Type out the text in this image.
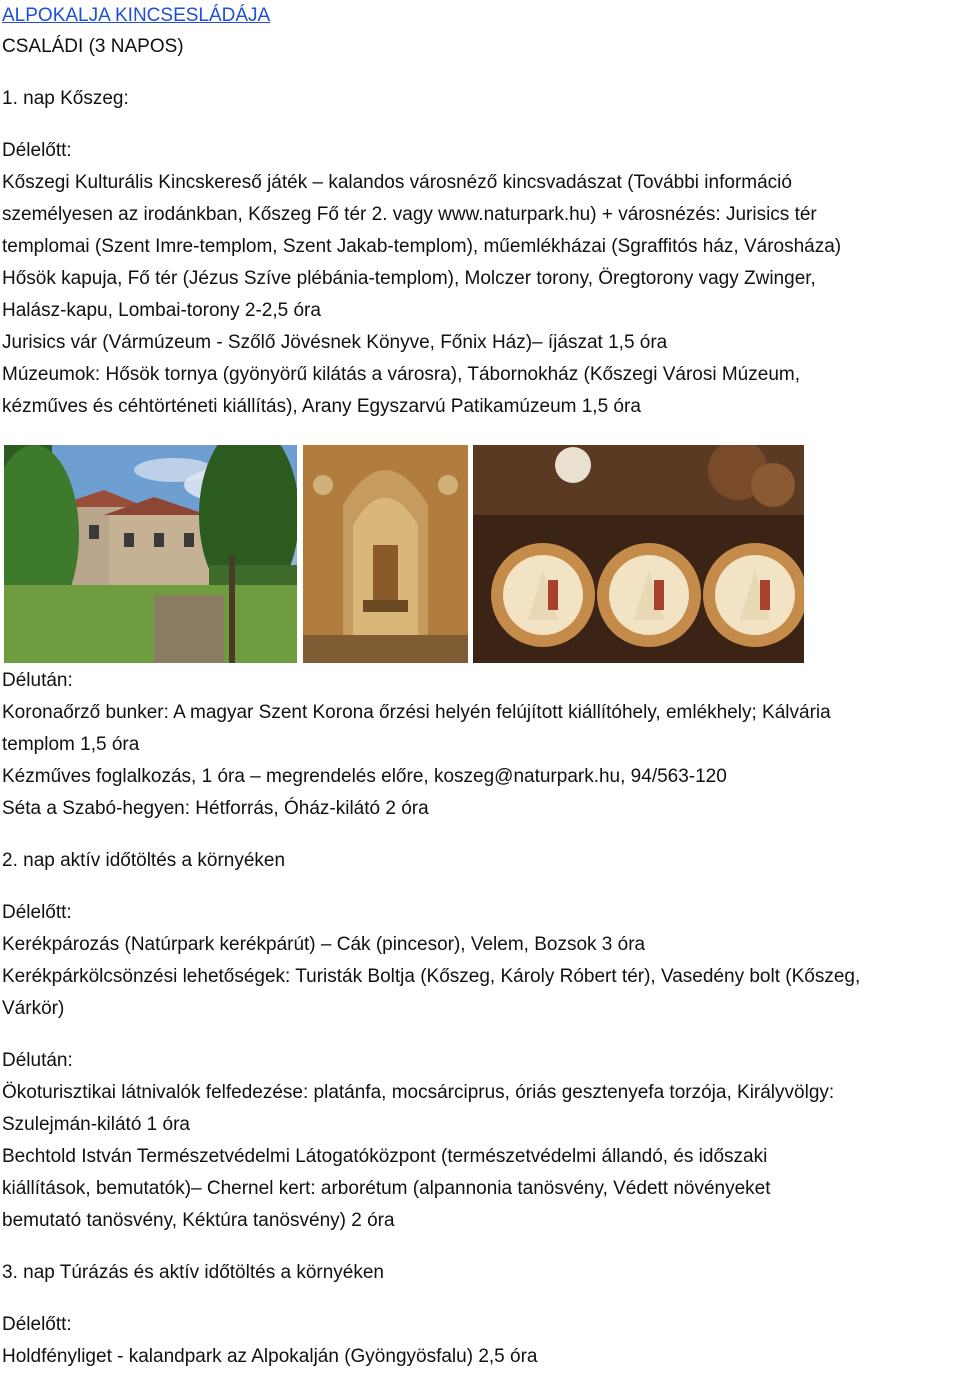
ALPOKALJA KINCSESLÁDÁJA
CSALÁDI (3 NAPOS)
1. nap Kőszeg:
Délelőtt:
Kőszegi Kulturális Kincskereső játék – kalandos városnéző kincsvadászat (További információ
személyesen az irodánkban, Kőszeg Fő tér 2. vagy www.naturpark.hu) + városnézés: Jurisics tér
templomai (Szent Imre-templom, Szent Jakab-templom), műemlékházai (Sgraffitós ház, Városháza)
Hősök kapuja, Fő tér (Jézus Szíve plébánia-templom), Molczer torony, Öregtorony vagy Zwinger,
Halász-kapu, Lombai-torony 2-2,5 óra
Jurisics vár (Vármúzeum - Szőlő Jövésnek Könyve, Főnix Ház)– íjászat 1,5 óra
Múzeumok: Hősök tornya (gyönyörű kilátás a városra), Tábornokház (Kőszegi Városi Múzeum,
kézműves és céhtörténeti kiállítás), Arany Egyszarvú Patikamúzeum 1,5 óra
Délután:
Koronaőrző bunker: A magyar Szent Korona őrzési helyén felújított kiállítóhely, emlékhely; Kálvária
templom 1,5 óra
Kézműves foglalkozás, 1 óra – megrendelés előre, koszeg@naturpark.hu, 94/563-120
Séta a Szabó-hegyen: Hétforrás, Óház-kilátó 2 óra
2. nap aktív időtöltés a környéken
Délelőtt:
Kerékpározás (Natúrpark kerékpárút) – Cák (pincesor), Velem, Bozsok 3 óra
Kerékpárkölcsönzési lehetőségek: Turisták Boltja (Kőszeg, Károly Róbert tér), Vasedény bolt (Kőszeg,
Várkör)
Délután:
Ökoturisztikai látnivalók felfedezése: platánfa, mocsárciprus, óriás gesztenyefa torzója, Királyvölgy:
Szulejmán-kilátó 1 óra
Bechtold István Természetvédelmi Látogatóközpont (természetvédelmi állandó, és időszaki
kiállítások, bemutatók)– Chernel kert: arborétum (alpannonia tanösvény, Védett növényeket
bemutató tanösvény, Kéktúra tanösvény) 2 óra
3. nap Túrázás és aktív időtöltés a környéken
Délelőtt:
Holdfényliget - kalandpark az Alpokalján (Gyöngyösfalu) 2,5 óra
